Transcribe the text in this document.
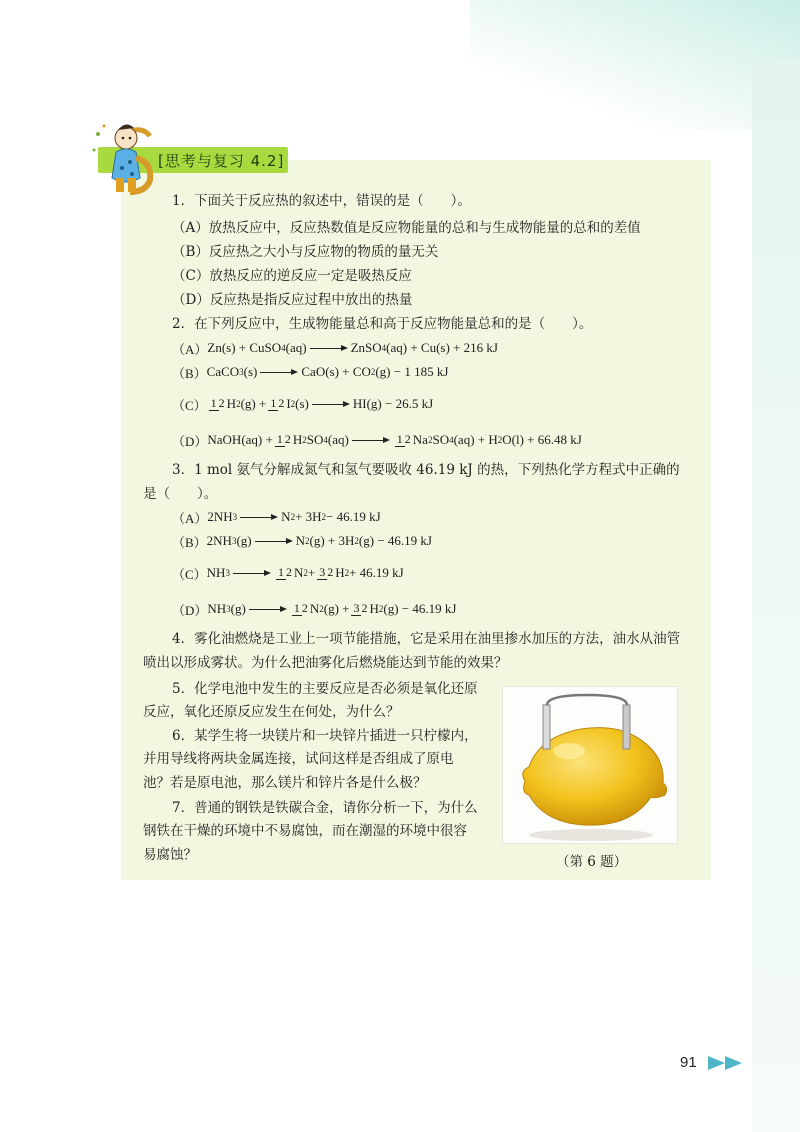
[思考与复习 4.2]
1．下面关于反应热的叙述中，错误的是（　　）。
（A）放热反应中，反应热数值是反应物能量的总和与生成物能量的总和的差值
（B）反应热之大小与反应物的物质的量无关
（C）放热反应的逆反应一定是吸热反应
（D）反应热是指反应过程中放出的热量
2．在下列反应中，生成物能量总和高于反应物能量总和的是（　　）。
（A） Zn(s) + CuSO 4 (aq)	ZnSO 4 (aq) + Cu(s) + 216 kJ
（B） CaCO 3 (s)	CaO(s) + CO 2 (g) − 1 185 kJ
（C） 1 2 H 2 (g) + 1 2 I 2 (s)	HI(g) − 26.5 kJ
（D） NaOH(aq) + 1 2 H 2 SO 4 (aq)	1 2 Na 2 SO 4 (aq) + H 2 O(l) + 66.48 kJ
3．1 mol 氨气分解成氮气和氢气要吸收 46.19 kJ 的热，下列热化学方程式中正确的
是（　　）。
（A） 2NH 3	N 2 + 3H 2 − 46.19 kJ
（B） 2NH 3 (g)	N 2 (g) + 3H 2 (g) − 46.19 kJ
（C） NH 3	1 2 N 2 + 3 2 H 2 + 46.19 kJ
（D） NH 3 (g)	1 2 N 2 (g) + 3 2 H 2 (g) − 46.19 kJ
4．雾化油燃烧是工业上一项节能措施，它是采用在油里掺水加压的方法，油水从油管
喷出以形成雾状。为什么把油雾化后燃烧能达到节能的效果？
5．化学电池中发生的主要反应是否必须是氧化还原
反应，氧化还原反应发生在何处，为什么？
6．某学生将一块镁片和一块锌片插进一只柠檬内，
并用导线将两块金属连接，试问这样是否组成了原电
池？若是原电池，那么镁片和锌片各是什么极？
7．普通的钢铁是铁碳合金，请你分析一下，为什么
钢铁在干燥的环境中不易腐蚀，而在潮湿的环境中很容
易腐蚀？	（第 6 题）
91
